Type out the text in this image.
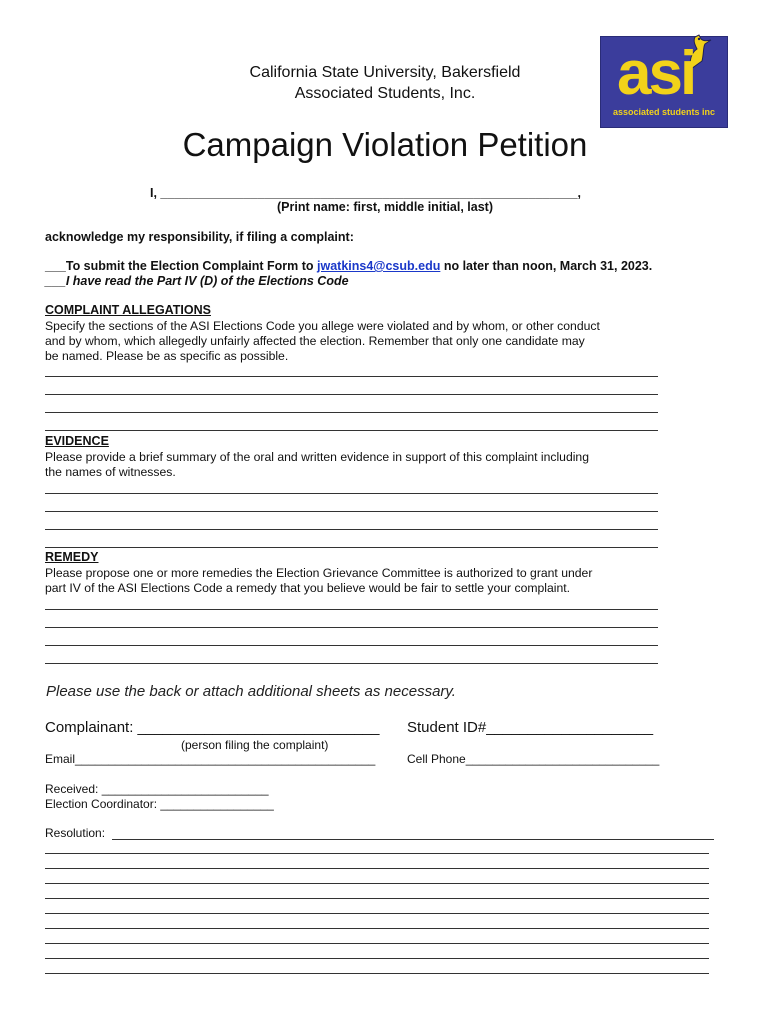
California State University, Bakersfield
Associated Students, Inc.	asi
associated students inc
Campaign Violation Petition
I, ____________________________________________________________,
(Print name: first, middle initial, last)
acknowledge my responsibility, if filing a complaint:
___To submit the Election Complaint Form to jwatkins4@csub.edu no later than noon, March 31, 2023.
___I have read the Part IV (D) of the Elections Code
COMPLAINT ALLEGATIONS
Specify the sections of the ASI Elections Code you allege were violated and by whom, or other conduct
and by whom, which allegedly unfairly affected the election. Remember that only one candidate may
be named. Please be as specific as possible.
EVIDENCE
Please provide a brief summary of the oral and written evidence in support of this complaint including
the names of witnesses.
REMEDY
Please propose one or more remedies the Election Grievance Committee is authorized to grant under
part IV of the ASI Elections Code a remedy that you believe would be fair to settle your complaint.
Please use the back or attach additional sheets as necessary.
Complainant: _____________________________ Student ID#____________________
(person filing the complaint)
Email_____________________________________________	Cell Phone_____________________________
Received: _________________________
Election Coordinator: _________________
Resolution:
